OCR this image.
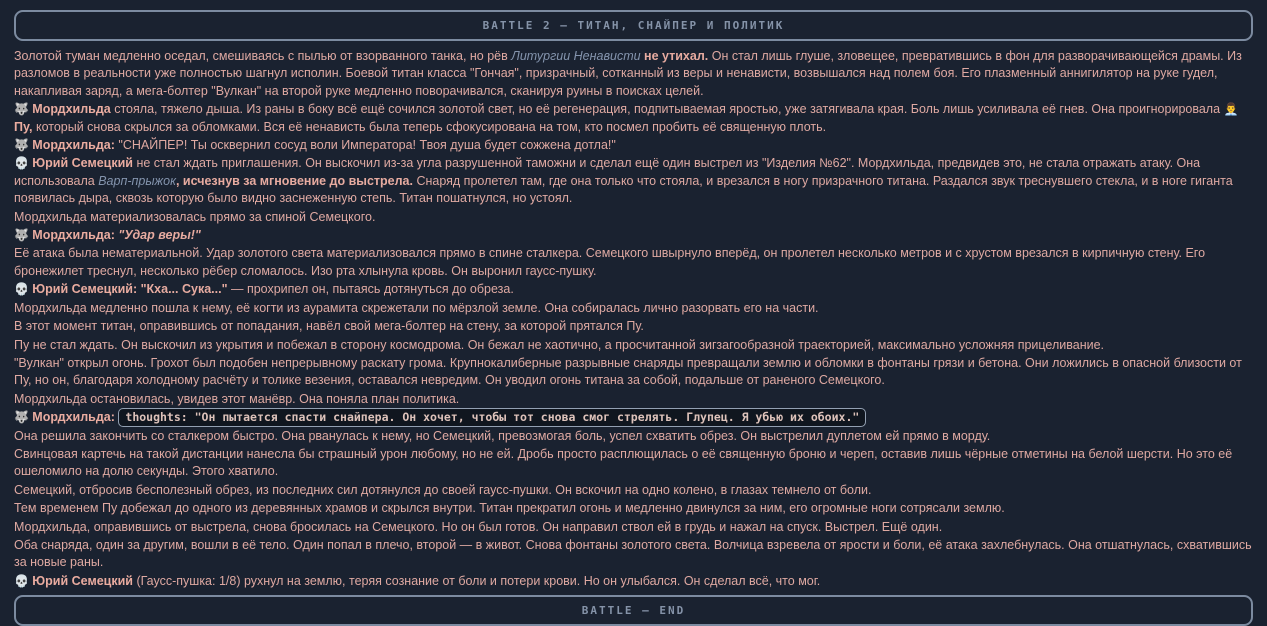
BATTLE 2 – ТИТАН, СНАЙПЕР И ПОЛИТИК

Золотой туман медленно оседал, смешиваясь с пылью от взорванного танка, но рёв Литургии Ненависти не утихал. Он стал лишь глуше, зловещее, превратившись в фон для разворачивающейся драмы. Из разломов в реальности уже полностью шагнул исполин. Боевой титан класса "Гончая", призрачный, сотканный из веры и ненависти, возвышался над полем боя. Его плазменный аннигилятор на руке гудел, накапливая заряд, а мега-болтер "Вулкан" на второй руке медленно поворачивался, сканируя руины в поисках целей.

🐺 Мордхильда стояла, тяжело дыша. Из раны в боку всё ещё сочился золотой свет, но её регенерация, подпитываемая яростью, уже затягивала края. Боль лишь усиливала её гнев. Она проигнорировала 👨‍💼 Пу, который снова скрылся за обломками. Вся её ненависть была теперь сфокусирована на том, кто посмел пробить её священную плоть.

🐺 Мордхильда: "СНАЙПЕР! Ты осквернил сосуд воли Императора! Твоя душа будет сожжена дотла!"

💀 Юрий Семецкий не стал ждать приглашения. Он выскочил из-за угла разрушенной таможни и сделал ещё один выстрел из "Изделия №62". Мордхильда, предвидев это, не стала отражать атаку. Она использовала Варп-прыжок, исчезнув за мгновение до выстрела. Снаряд пролетел там, где она только что стояла, и врезался в ногу призрачного титана. Раздался звук треснувшего стекла, и в ноге гиганта появилась дыра, сквозь которую было видно заснеженную степь. Титан пошатнулся, но устоял.

Мордхильда материализовалась прямо за спиной Семецкого.

🐺 Мордхильда: "Удар веры!"

Её атака была нематериальной. Удар золотого света материализовался прямо в спине сталкера. Семецкого швырнуло вперёд, он пролетел несколько метров и с хрустом врезался в кирпичную стену. Его бронежилет треснул, несколько рёбер сломалось. Изо рта хлынула кровь. Он выронил гаусс-пушку.

💀 Юрий Семецкий: "Кха... Сука..." — прохрипел он, пытаясь дотянуться до обреза.

Мордхильда медленно пошла к нему, её когти из аурамита скрежетали по мёрзлой земле. Она собиралась лично разорвать его на части.

В этот момент титан, оправившись от попадания, навёл свой мега-болтер на стену, за которой прятался Пу.

Пу не стал ждать. Он выскочил из укрытия и побежал в сторону космодрома. Он бежал не хаотично, а просчитанной зигзагообразной траекторией, максимально усложняя прицеливание.

"Вулкан" открыл огонь. Грохот был подобен непрерывному раскату грома. Крупнокалиберные разрывные снаряды превращали землю и обломки в фонтаны грязи и бетона. Они ложились в опасной близости от Пу, но он, благодаря холодному расчёту и толике везения, оставался невредим. Он уводил огонь титана за собой, подальше от раненого Семецкого.

Мордхильда остановилась, увидев этот манёвр. Она поняла план политика.

🐺 Мордхильда: thoughts: "Он пытается спасти снайпера. Он хочет, чтобы тот снова смог стрелять. Глупец. Я убью их обоих."

Она решила закончить со сталкером быстро. Она рванулась к нему, но Семецкий, превозмогая боль, успел схватить обрез. Он выстрелил дуплетом ей прямо в морду.

Свинцовая картечь на такой дистанции нанесла бы страшный урон любому, но не ей. Дробь просто расплющилась о её священную броню и череп, оставив лишь чёрные отметины на белой шерсти. Но это её ошеломило на долю секунды. Этого хватило.

Семецкий, отбросив бесполезный обрез, из последних сил дотянулся до своей гаусс-пушки. Он вскочил на одно колено, в глазах темнело от боли.

Тем временем Пу добежал до одного из деревянных храмов и скрылся внутри. Титан прекратил огонь и медленно двинулся за ним, его огромные ноги сотрясали землю.

Мордхильда, оправившись от выстрела, снова бросилась на Семецкого. Но он был готов. Он направил ствол ей в грудь и нажал на спуск. Выстрел. Ещё один.

Оба снаряда, один за другим, вошли в её тело. Один попал в плечо, второй — в живот. Снова фонтаны золотого света. Волчица взревела от ярости и боли, её атака захлебнулась. Она отшатнулась, схватившись за новые раны.

💀 Юрий Семецкий (Гаусс-пушка: 1/8) рухнул на землю, теряя сознание от боли и потери крови. Но он улыбался. Он сделал всё, что мог.

BATTLE – END
